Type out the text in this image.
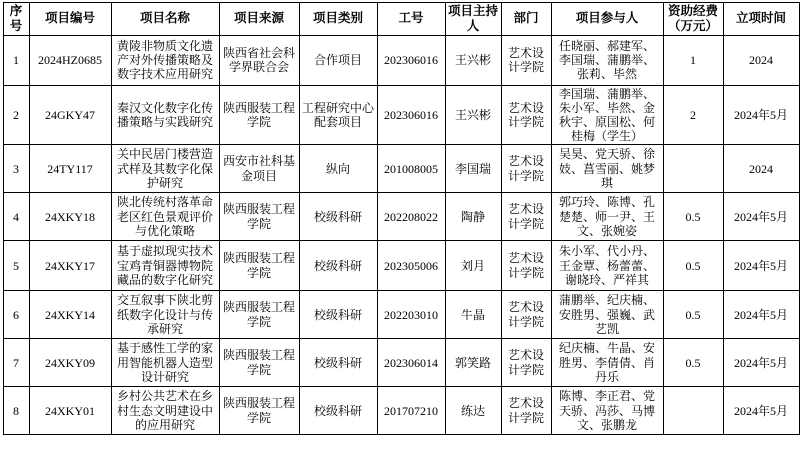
序号	项目编号	项目名称	项目来源	项目类别	工号	项目主持人	部门	项目参与人	资助经费（万元）	立项时间
1	2024HZ0685	黄陵非物质文化遗产对外传播策略及数字技术应用研究	陕西省社会科学界联合会	合作项目	202306016	王兴彬	艺术设计学院	任晓丽、郝建军、李国瑞、蒲鹏举、张莉、毕然	1	2024
2	24GKY47	秦汉文化数字化传播策略与实践研究	陕西服装工程学院	工程研究中心配套项目	202306016	王兴彬	艺术设计学院	李国瑞、蒲鹏举、朱小军、毕然、金秋宇、原国松、何桂梅（学生）	2	2024年5月
3	24TY117	关中民居门楼营造式样及其数字化保护研究	西安市社科基金项目	纵向	201008005	李国瑞	艺术设计学院	吴昊、党天骄、徐妓、菖雪丽、姚梦琪		2024
4	24XKY18	陕北传统村落革命老区红色景观评价与优化策略	陕西服装工程学院	校级科研	202208022	陶静	艺术设计学院	郭巧玲、陈博、孔楚楚、师一尹、王文、张婉姿	0.5	2024年5月
5	24XKY17	基于虚拟现实技术宝鸡青铜器博物院藏品的数字化研究	陕西服装工程学院	校级科研	202305006	刘月	艺术设计学院	朱小军、代小丹、王金覃、杨蕾蕾、谢晓玲、严祥其	0.5	2024年5月
6	24XKY14	交互叙事下陕北剪纸数字化设计与传承研究	陕西服装工程学院	校级科研	202203010	牛晶	艺术设计学院	蒲鹏举、纪庆楠、安胜男、强巍、武艺凯	0.5	2024年5月
7	24XKY09	基于感性工学的家用智能机器人造型设计研究	陕西服装工程学院	校级科研	202306014	郭笑路	艺术设计学院	纪庆楠、牛晶、安胜男、李倩倩、肖丹乐	0.5	2024年5月
8	24XKY01	乡村公共艺术在乡村生态文明建设中的应用研究	陕西服装工程学院	校级科研	201707210	练达	艺术设计学院	陈博、李正君、党天骄、冯莎、马博文、张鹏龙		2024年5月
